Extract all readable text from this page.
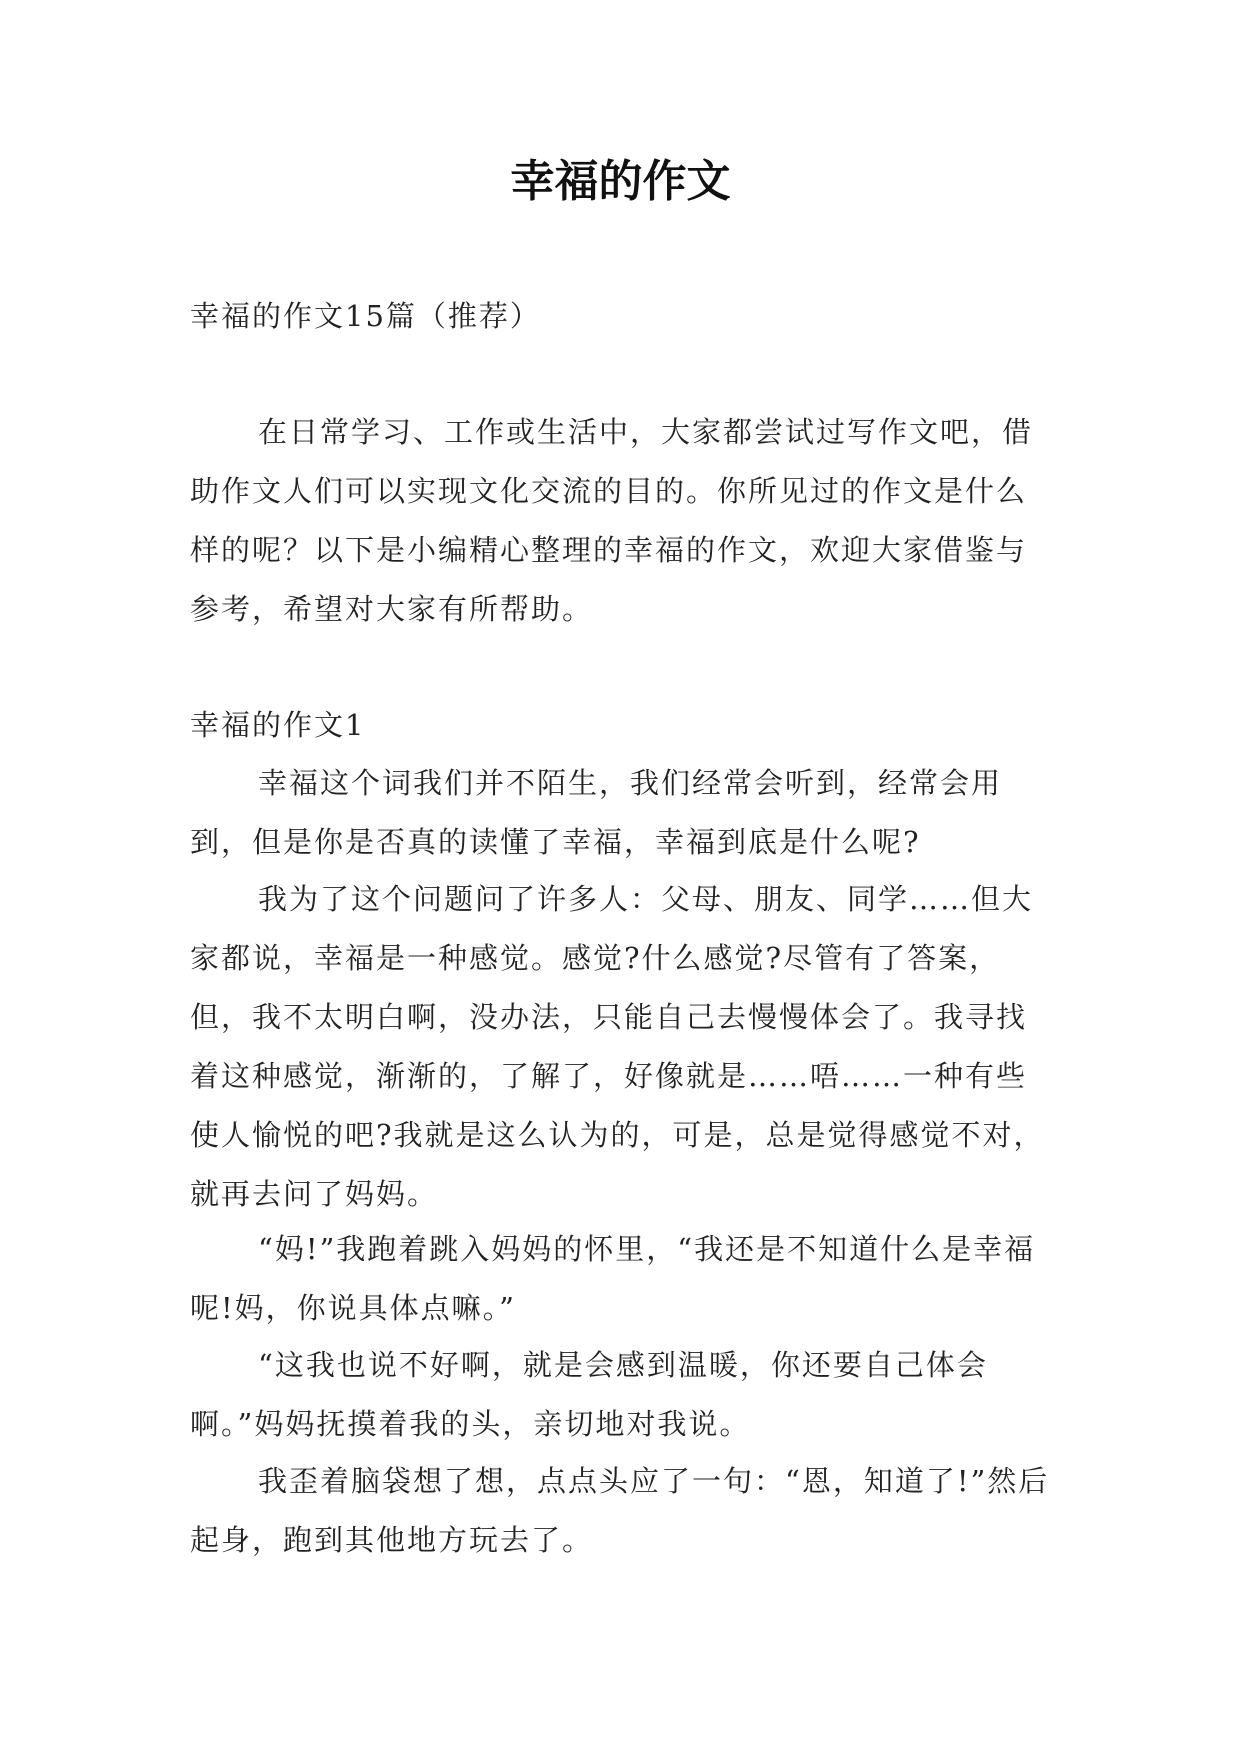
幸福的作文

幸福的作文15篇（推荐）

在日常学习、工作或生活中，大家都尝试过写作文吧，借助作文人们可以实现文化交流的目的。你所见过的作文是什么样的呢？以下是小编精心整理的幸福的作文，欢迎大家借鉴与参考，希望对大家有所帮助。

幸福的作文1

幸福这个词我们并不陌生，我们经常会听到，经常会用到，但是你是否真的读懂了幸福，幸福到底是什么呢?

我为了这个问题问了许多人：父母、朋友、同学……但大家都说，幸福是一种感觉。感觉?什么感觉?尽管有了答案，但，我不太明白啊，没办法，只能自己去慢慢体会了。我寻找着这种感觉，渐渐的，了解了，好像就是……唔……一种有些使人愉悦的吧?我就是这么认为的，可是，总是觉得感觉不对，就再去问了妈妈。

“妈!”我跑着跳入妈妈的怀里，“我还是不知道什么是幸福呢!妈，你说具体点嘛。”

“这我也说不好啊，就是会感到温暖，你还要自己体会啊。”妈妈抚摸着我的头，亲切地对我说。

我歪着脑袋想了想，点点头应了一句：“恩，知道了!”然后起身，跑到其他地方玩去了。
